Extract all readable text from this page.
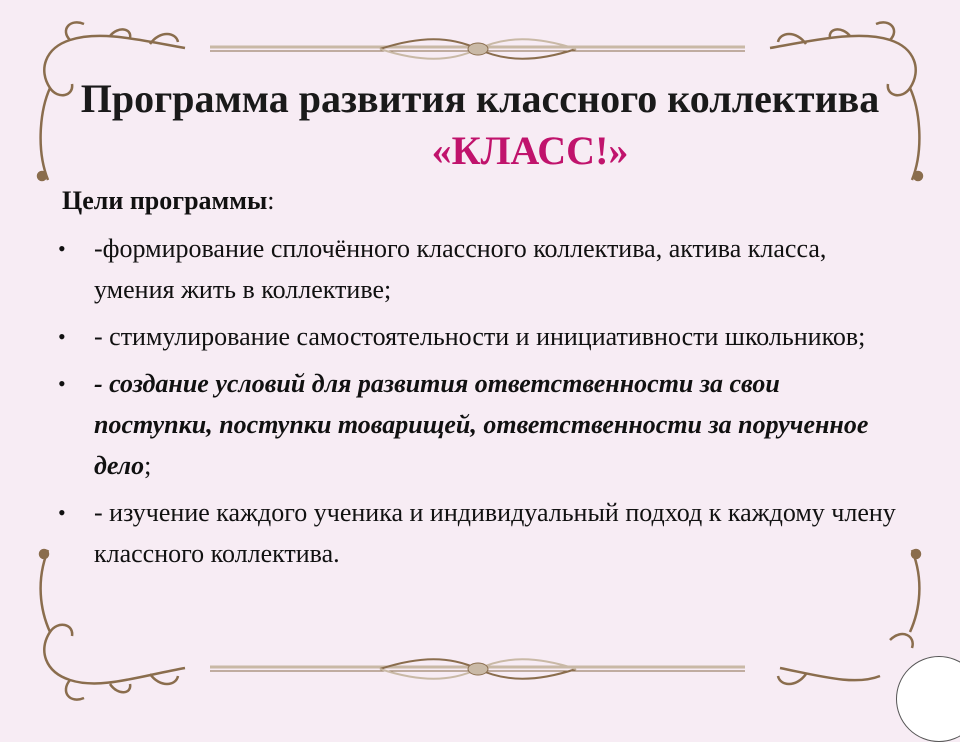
Программа развития классного коллектива
«КЛАСС!»
Цели программы:
• -формирование сплочённого классного коллектива, актива класса, умения жить в коллективе;
• - стимулирование самостоятельности и инициативности школьников;
• - создание условий для развития ответственности за свои поступки, поступки товарищей, ответственности за порученное дело;
• - изучение каждого ученика и индивидуальный подход к каждому члену классного коллектива.
